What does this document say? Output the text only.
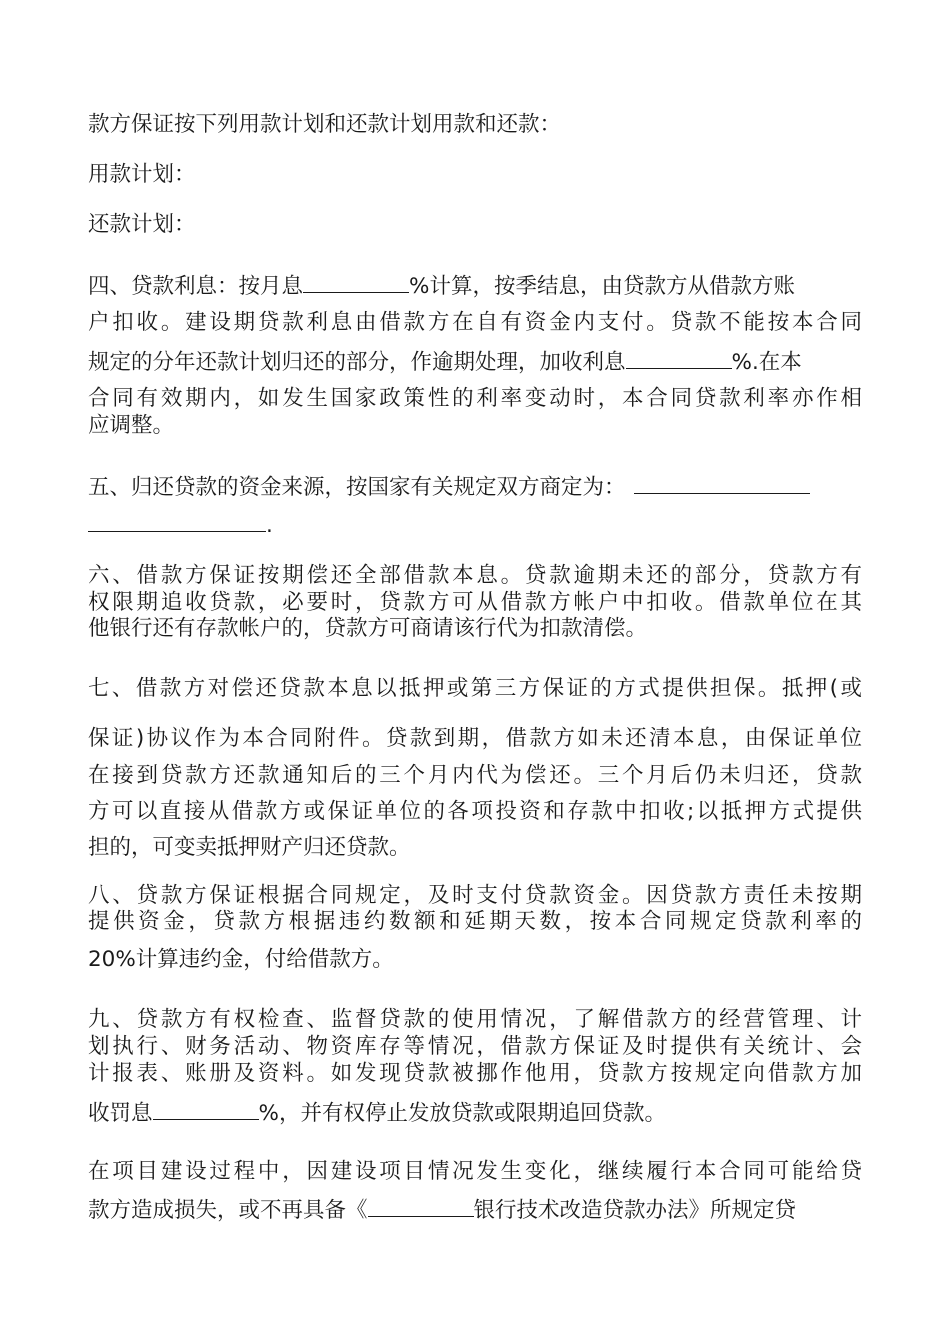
款方保证按下列用款计划和还款计划用款和还款：
用款计划：
还款计划：
四、贷款利息：按月息	%计算，按季结息，由贷款方从借款方账
户扣收。建设期贷款利息由借款方在自有资金内支付。贷款不能按本合同
规定的分年还款计划归还的部分，作逾期处理，加收利息	%.在本
合同有效期内，如发生国家政策性的利率变动时，本合同贷款利率亦作相
应调整。
五、归还贷款的资金来源，按国家有关规定双方商定为：
.
六、借款方保证按期偿还全部借款本息。贷款逾期未还的部分，贷款方有
权限期追收贷款，必要时，贷款方可从借款方帐户中扣收。借款单位在其
他银行还有存款帐户的，贷款方可商请该行代为扣款清偿。
七、借款方对偿还贷款本息以抵押或第三方保证的方式提供担保。抵押(或
保证)协议作为本合同附件。贷款到期，借款方如未还清本息，由保证单位
在接到贷款方还款通知后的三个月内代为偿还。三个月后仍未归还，贷款
方可以直接从借款方或保证单位的各项投资和存款中扣收;以抵押方式提供
担的，可变卖抵押财产归还贷款。
八、贷款方保证根据合同规定，及时支付贷款资金。因贷款方责任未按期
提供资金，贷款方根据违约数额和延期天数，按本合同规定贷款利率的
20%计算违约金，付给借款方。
九、贷款方有权检查、监督贷款的使用情况，了解借款方的经营管理、计
划执行、财务活动、物资库存等情况，借款方保证及时提供有关统计、会
计报表、账册及资料。如发现贷款被挪作他用，贷款方按规定向借款方加
收罚息	%，并有权停止发放贷款或限期追回贷款。
在项目建设过程中，因建设项目情况发生变化，继续履行本合同可能给贷
款方造成损失，或不再具备《	银行技术改造贷款办法》所规定贷
